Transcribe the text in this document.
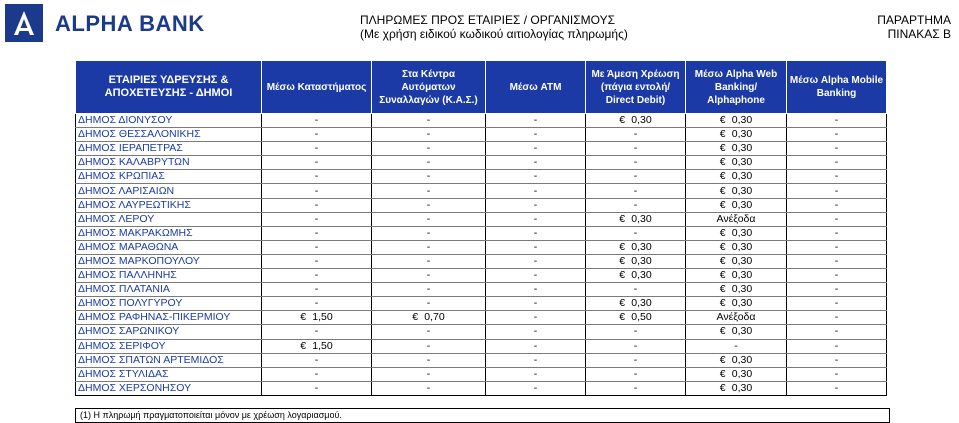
ALPHA BANK	ΠΛΗΡΩΜΕΣ ΠΡΟΣ ΕΤΑΙΡΙΕΣ / ΟΡΓΑΝΙΣΜΟΥΣ
(Με χρήση ειδικού κωδικού αιτιολογίας πληρωμής)
ΠΑΡΑΡΤΗΜΑ
ΠΙΝΑΚΑΣ Β
ΕΤΑΙΡΙΕΣ ΥΔΡΕΥΣΗΣ & ΑΠΟΧΕΤΕΥΣΗΣ - ΔΗΜΟΙ	Μέσω Καταστήματος	Στα Κέντρα Αυτόματων Συναλλαγών (Κ.Α.Σ.)	Μέσω ATM	Με Άμεση Χρέωση (πάγια εντολή/ Direct Debit)	Μέσω Alpha Web Banking/ Alphaphone	Μέσω Alpha Mobile Banking
ΔΗΜΟΣ ΔΙΟΝΥΣΟΥ	-	-	-	€ 0,30	€ 0,30	-
ΔΗΜΟΣ ΘΕΣΣΑΛΟΝΙΚΗΣ	-	-	-	-	€ 0,30	-
ΔΗΜΟΣ ΙΕΡΑΠΕΤΡΑΣ	-	-	-	-	€ 0,30	-
ΔΗΜΟΣ ΚΑΛΑΒΡΥΤΩΝ	-	-	-	-	€ 0,30	-
ΔΗΜΟΣ ΚΡΩΠΙΑΣ	-	-	-	-	€ 0,30	-
ΔΗΜΟΣ ΛΑΡΙΣΑΙΩΝ	-	-	-	-	€ 0,30	-
ΔΗΜΟΣ ΛΑΥΡΕΩΤΙΚΗΣ	-	-	-	-	€ 0,30	-
ΔΗΜΟΣ ΛΕΡΟΥ	-	-	-	€ 0,30	Ανέξοδα	-
ΔΗΜΟΣ ΜΑΚΡΑΚΩΜΗΣ	-	-	-	-	€ 0,30	-
ΔΗΜΟΣ ΜΑΡΑΘΩΝΑ	-	-	-	€ 0,30	€ 0,30	-
ΔΗΜΟΣ ΜΑΡΚΟΠΟΥΛΟΥ	-	-	-	€ 0,30	€ 0,30	-
ΔΗΜΟΣ ΠΑΛΛΗΝΗΣ	-	-	-	€ 0,30	€ 0,30	-
ΔΗΜΟΣ ΠΛΑΤΑΝΙΑ	-	-	-	-	€ 0,30	-
ΔΗΜΟΣ ΠΟΛΥΓΥΡΟΥ	-	-	-	€ 0,30	€ 0,30	-
ΔΗΜΟΣ ΡΑΦΗΝΑΣ-ΠΙΚΕΡΜΙΟΥ	€ 1,50	€ 0,70	-	€ 0,50	Ανέξοδα	-
ΔΗΜΟΣ ΣΑΡΩΝΙΚΟΥ	-	-	-	-	€ 0,30	-
ΔΗΜΟΣ ΣΕΡΙΦΟΥ	€ 1,50	-	-	-	-	-
ΔΗΜΟΣ ΣΠΑΤΩΝ ΑΡΤΕΜΙΔΟΣ	-	-	-	-	€ 0,30	-
ΔΗΜΟΣ ΣΤΥΛΙΔΑΣ	-	-	-	-	€ 0,30	-
ΔΗΜΟΣ ΧΕΡΣΟΝΗΣΟΥ	-	-	-	-	€ 0,30	-
(1) Η πληρωμή πραγματοποιείται μόνον με χρέωση λογαριασμού.
